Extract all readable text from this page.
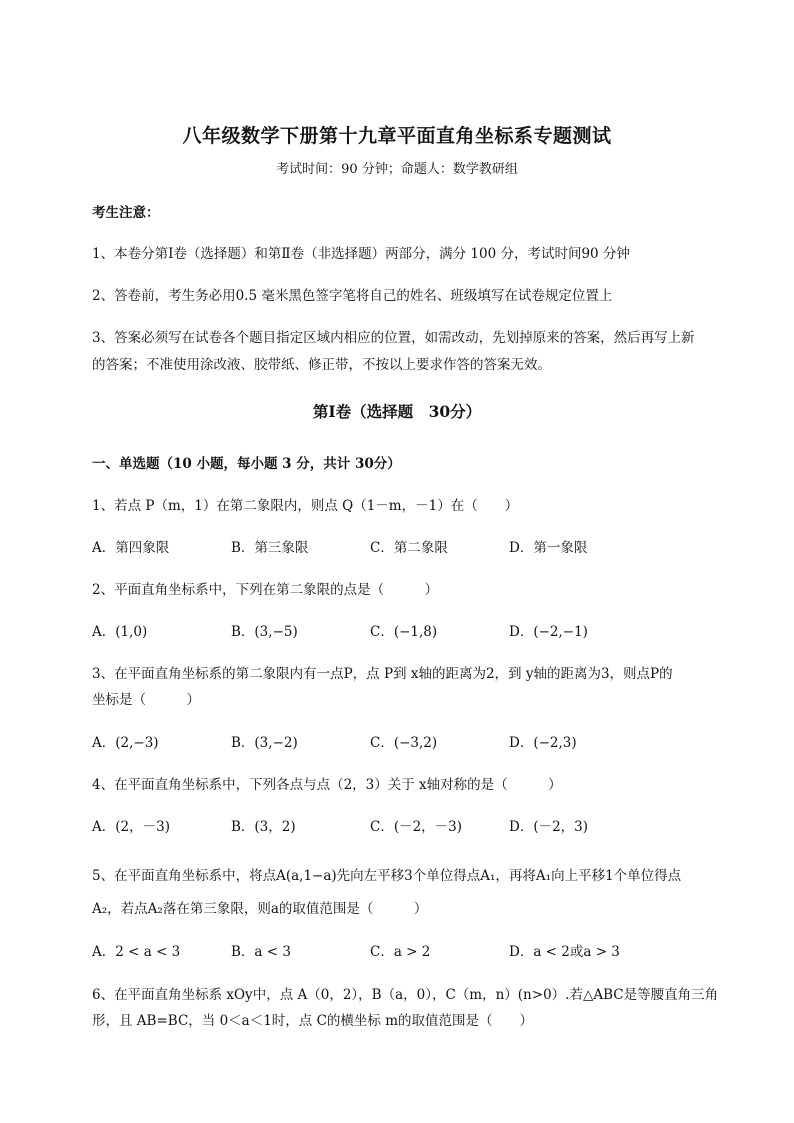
八年级数学下册第十九章平面直角坐标系专题测试
考试时间：90 分钟；命题人：数学教研组
考生注意：
1、本卷分第Ⅰ卷（选择题）和第Ⅱ卷（非选择题）两部分，满分 100 分，考试时间90 分钟
2、答卷前，考生务必用0.5 毫米黑色签字笔将自己的姓名、班级填写在试卷规定位置上
3、答案必须写在试卷各个题目指定区域内相应的位置，如需改动，先划掉原来的答案，然后再写上新
的答案；不准使用涂改液、胶带纸、修正带，不按以上要求作答的答案无效。
第Ⅰ卷（选择题　30分）
一、单选题（10 小题，每小题 3 分，共计 30分）
1、若点 P（m，1）在第二象限内，则点 Q（1－m，－1）在（　　）
A．第四象限	B．第三象限	C．第二象限	D．第一象限
2、平面直角坐标系中，下列在第二象限的点是（　　　）
A．(1,0)	B．(3,−5)	C．(−1,8)	D．(−2,−1)
3、在平面直角坐标系的第二象限内有一点P，点 P到 x轴的距离为2，到 y轴的距离为3，则点P的
坐标是（　　　）
A．(2,−3)	B．(3,−2)	C．(−3,2)	D．(−2,3)
4、在平面直角坐标系中，下列各点与点（2，3）关于 x轴对称的是（　　　）
A．(2，－3)	B．(3，2)	C．(－2，－3)	D．(－2，3)
5、在平面直角坐标系中，将点A(a,1−a)先向左平移3个单位得点A₁，再将A₁向上平移1个单位得点
A₂，若点A₂落在第三象限，则a的取值范围是（　　　）
A．2 < a < 3	B．a < 3	C．a > 2	D．a < 2或a > 3
6、在平面直角坐标系 xOy中，点 A（0，2），B（a，0），C（m，n）(n>0）.若△ABC是等腰直角三角
形，且 AB=BC，当 0＜a＜1时，点 C的横坐标 m的取值范围是（　　）
